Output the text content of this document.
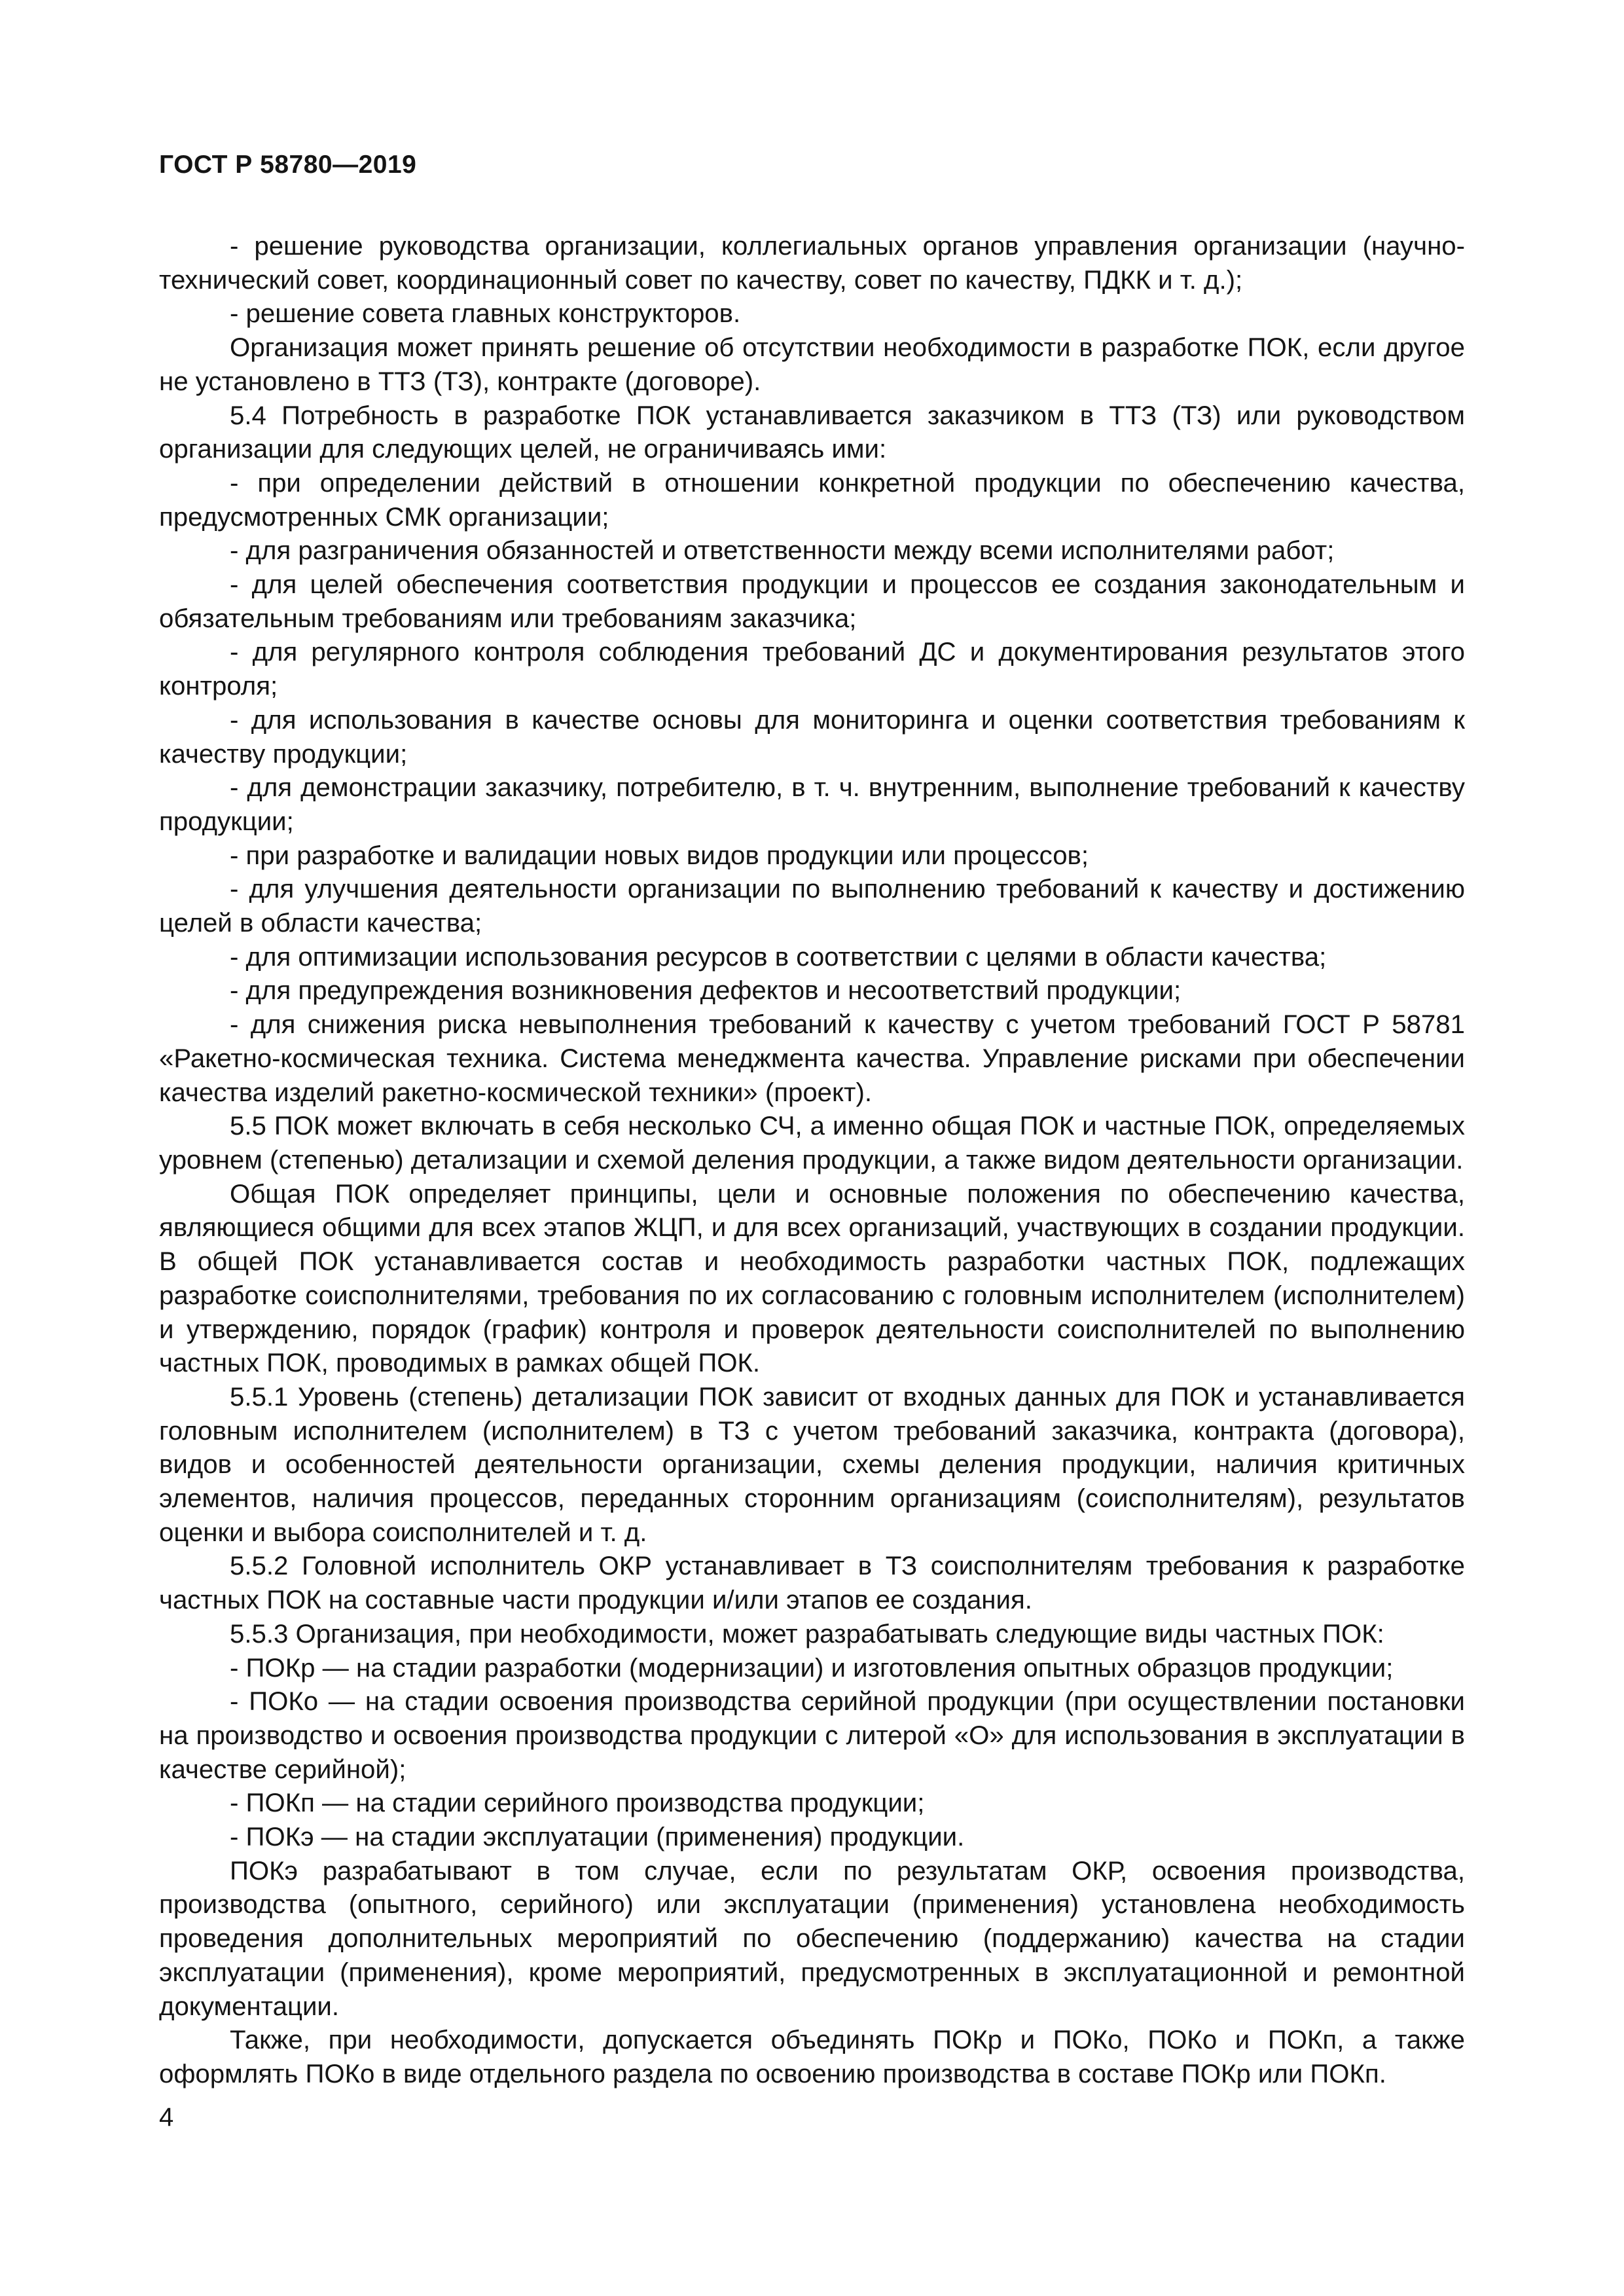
ГОСТ Р 58780—2019

- решение руководства организации, коллегиальных органов управления организации (научно-технический совет, координационный совет по качеству, совет по качеству, ПДКК и т. д.);

- решение совета главных конструкторов.

Организация может принять решение об отсутствии необходимости в разработке ПОК, если другое не установлено в ТТЗ (ТЗ), контракте (договоре).

5.4 Потребность в разработке ПОК устанавливается заказчиком в ТТЗ (ТЗ) или руководством организации для следующих целей, не ограничиваясь ими:

- при определении действий в отношении конкретной продукции по обеспечению качества, предусмотренных СМК организации;

- для разграничения обязанностей и ответственности между всеми исполнителями работ;

- для целей обеспечения соответствия продукции и процессов ее создания законодательным и обязательным требованиям или требованиям заказчика;

- для регулярного контроля соблюдения требований ДС и документирования результатов этого контроля;

- для использования в качестве основы для мониторинга и оценки соответствия требованиям к качеству продукции;

- для демонстрации заказчику, потребителю, в т. ч. внутренним, выполнение требований к качеству продукции;

- при разработке и валидации новых видов продукции или процессов;

- для улучшения деятельности организации по выполнению требований к качеству и достижению целей в области качества;

- для оптимизации использования ресурсов в соответствии с целями в области качества;

- для предупреждения возникновения дефектов и несоответствий продукции;

- для снижения риска невыполнения требований к качеству с учетом требований ГОСТ Р 58781 «Ракетно-космическая техника. Система менеджмента качества. Управление рисками при обеспечении качества изделий ракетно-космической техники» (проект).

5.5 ПОК может включать в себя несколько СЧ, а именно общая ПОК и частные ПОК, определяемых уровнем (степенью) детализации и схемой деления продукции, а также видом деятельности организации.

Общая ПОК определяет принципы, цели и основные положения по обеспечению качества, являющиеся общими для всех этапов ЖЦП, и для всех организаций, участвующих в создании продукции. В общей ПОК устанавливается состав и необходимость разработки частных ПОК, подлежащих разработке соисполнителями, требования по их согласованию с головным исполнителем (исполнителем) и утверждению, порядок (график) контроля и проверок деятельности соисполнителей по выполнению частных ПОК, проводимых в рамках общей ПОК.

5.5.1 Уровень (степень) детализации ПОК зависит от входных данных для ПОК и устанавливается головным исполнителем (исполнителем) в ТЗ с учетом требований заказчика, контракта (договора), видов и особенностей деятельности организации, схемы деления продукции, наличия критичных элементов, наличия процессов, переданных сторонним организациям (соисполнителям), результатов оценки и выбора соисполнителей и т. д.

5.5.2 Головной исполнитель ОКР устанавливает в ТЗ соисполнителям требования к разработке частных ПОК на составные части продукции и/или этапов ее создания.

5.5.3 Организация, при необходимости, может разрабатывать следующие виды частных ПОК:

- ПОКр — на стадии разработки (модернизации) и изготовления опытных образцов продукции;

- ПОКо — на стадии освоения производства серийной продукции (при осуществлении постановки на производство и освоения производства продукции с литерой «О» для использования в эксплуатации в качестве серийной);

- ПОКп — на стадии серийного производства продукции;

- ПОКэ — на стадии эксплуатации (применения) продукции.

ПОКэ разрабатывают в том случае, если по результатам ОКР, освоения производства, производства (опытного, серийного) или эксплуатации (применения) установлена необходимость проведения дополнительных мероприятий по обеспечению (поддержанию) качества на стадии эксплуатации (применения), кроме мероприятий, предусмотренных в эксплуатационной и ремонтной документации.

Также, при необходимости, допускается объединять ПОКр и ПОКо, ПОКо и ПОКп, а также оформлять ПОКо в виде отдельного раздела по освоению производства в составе ПОКр или ПОКп.

4
